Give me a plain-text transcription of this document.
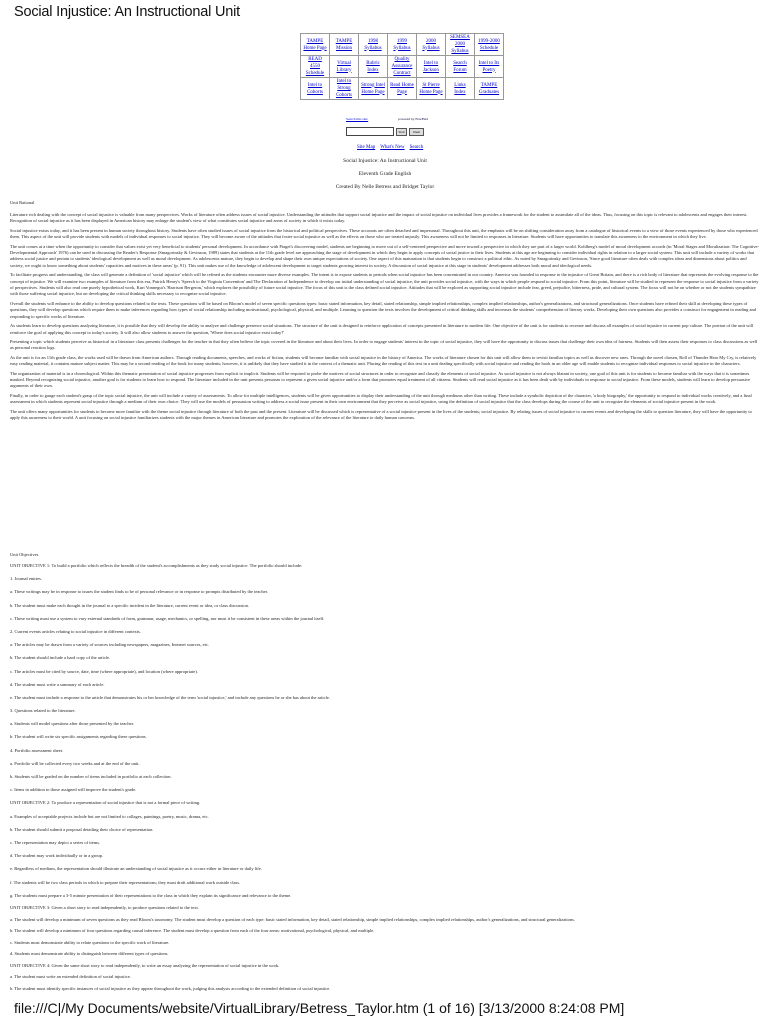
Social Injustice: An Instructional Unit
TAMPE Home Page	TAMPE Mission	1998 Syllabus	1999 Syllabus	2000 Syllabus	SEMSEA 2000 Syllabus	1999-2000 Schedule
READ 4550 Schedule	Virtual Library	Rubric Index	Quality Assurance Contract	Intel to Jackson	Search Forum	Intel to Its Poetry
Intel to Cohorts	Intel to Strong Cohorts	Strong Intel Home Page	Read Home Page	St Pierre Home Page	Links Index	TAMPE Graduates
Search this site:	powered by FreeFind
Find	Clear
Site Map What's New Search
Social Injustice: An Instructional Unit
Eleventh Grade English
Created By Nelle Betress and Bridget Taylor
Unit Rational

Literature rich dealing with the concept of social injustice is valuable from many perspectives. Works of literature often address issues of social injustice. Understanding the attitudes that support social injustice and the impact of social injustice on individual lives provides a framework for the student to assimilate all of the ideas. Thus, focusing on this topic is relevant to adolescents and engages their interest. Recognition of social injustice as it has been displayed in American history may enlarge the student's view of what constitutes social injustice and areas of society in which it exists today.

Social injustice exists today, and it has been present in human society throughout history. Students have often studied issues of social injustice from the historical and political perspectives. These accounts are often detached and impersonal. Throughout this unit, the emphasis will be on shifting consideration away from a catalogue of historical events to a view of those events experienced by those who experienced them. This aspect of the unit will provide students with models of individual responses to social injustice. They will become aware of the attitudes that foster social injustice as well as the effects on those who are treated unjustly. This awareness will not be limited to responses in literature. Students will have opportunities to translate this awareness to the environment in which they live.

The unit comes at a time when the opportunity to consider that values exist yet very beneficial to students' personal development. In accordance with Piaget's discovering model, students are beginning to move out of a self-centered perspective and move toward a perspective in which they are part of a larger world. Kohlberg's model of moral development accords (in 'Moral Stages and Moralization: The Cognitive-Developmental Approach' 1976) can be used in discussing the Reader's Response (Smagorinsky & Gevinson, 1989) states that students at the 11th grade level are approaching the stage of development in which they begin to apply concepts of social justice to their lives. Students at this age are beginning to consider individual rights in relation to a larger social system. This unit will include a variety of works that address social justice and pertain to students' ideological development as well as moral development. As adolescents mature, they begin to develop and shape their own unique expectations of society. One aspect of this maturation is that students begin to construct a political ethic. As noted by Smagorinsky and Gevinson, 'Since good literature often deals with complex ideas and dimensions about politics and society, we ought to know something about students' capacities and motives in these areas' (p. 91). This unit makes use of the knowledge of adolescent development to target students growing interest in society. A discussion of social injustice at this stage in students' development addresses both moral and ideological needs.

To facilitate progress and understanding, the class will generate a definition of 'social injustice' which will be refined as the students encounter more diverse examples. The intent is to expose students to periods when social injustice has been concentrated in our country. America was founded in response to the injustice of Great Britain, and there is a rich body of literature that represents the evolving response to the concept of injustice. We will examine two examples of literature from this era, Patrick Henry's 'Speech to the Virginia Convention' and The Declaration of Independence to develop our initial understanding of social injustice, the unit provides social injustice, with the ways in which people respond to social injustice. From this point, literature will be studied to represent the response to social injustice from a variety of perspectives. Students will also read one purely hypothetical work, Kurt Vonnegut's 'Harrison Bergeron,' which explores the possibility of future social injustice. The focus of this unit is the class defined social injustice. Attitudes that will be explored as supporting social injustice include fear, greed, prejudice, bitterness, pride, and cultural system. The focus will not be on whether or not the students sympathize with those suffering social injustice, but on developing the critical thinking skills necessary to recognize social injustice.

Overall the students will enhance to the ability to develop questions related to the texts. These questions will be based on Bloom's model of seven specific questions types: basic stated information, key detail, stated relationship, simple implied relationships, complex implied relationships, author's generalizations, and structural generalizations. Once students have refined their skill at developing these types of questions, they will develop questions which require them to make inferences regarding how types of social relationship including motivational, psychological, physical, and multiple. Learning to question the texts involves the development of critical thinking skills and increases the students' comprehension of literary works. Developing their own questions also provides a construct for engagement in reading and responding to specific works of literature.

As students learn to develop questions analyzing literature, it is possible that they will develop the ability to analyze and challenge presence social situations. The structure of the unit is designed to reinforce application of concepts presented in literature to modern life. One objective of the unit is for students to recreate and discuss all examples of social injustice in current pop culture. The portion of the unit will reinforce the goal of applying this concept to today's society. It will also allow students to answer the question, 'Where does social injustice exist today?'

Presenting a topic which students perceive as historical in a literature class presents challenges for the teacher in that they often believe the topic covered in the literature and about their lives. In order to engage students' interest in the topic of social injustice, they will have the opportunity to discuss issues that challenge their own idea of fairness. Students will then assess their responses to class discussions as well as personal reaction logs.

As the unit is for an 11th grade class, the works used will be drawn from American authors. Through reading documents, speeches, and works of fiction, students will become familiar with social injustice in the history of America. The works of literature chosen for this unit will allow them to revisit familiar topics as well as discover new ones. Through the novel chosen, Roll of Thunder Hear My Cry, is relatively easy reading material, it contains mature subject matter. This may be a second reading of the book for many students; however, it is unlikely that they have studied it in the context of a thematic unit. Placing the reading of this text in a unit dealing specifically with social injustice and reading the book in an older age will enable students to recognize individual responses to social injustice in the characters.

The organization of material is in a chronological. Within this thematic presentation of social injustice progresses from explicit to implicit. Students will be required to probe the motives of social structures in order to recognize and classify the elements of social injustice. As social injustice is not always blatant in society, one goal of this unit is for students to become familiar with the ways that it is sometimes masked. Beyond recognizing social injustice, another goal is for students to learn how to respond. The literature included in the unit presents personas to represent a given social injustice and/or a form that promotes equal treatment of all citizens. Students will read social injustice as it has been dealt with by individuals in response to social injustice. From these models, students will learn to develop persuasive arguments of their own.

Finally, in order to gauge each student's grasp of the topic social injustice, the unit will include a variety of assessments. To allow for multiple intelligences, students will be given opportunities to display their understanding of the unit through mediums other than writing. These include a symbolic depiction of the character, 'a body biography,' the opportunity to respond to individual works creatively, and a final assessment in which students represent social injustice through a medium of their own choice. They will use the models of persuasion writing to address a social issue present in their own environment that they perceive as social injustice, using the definition of social injustice that the class develops during the course of the unit to recognize the elements of social injustice present in the work.

The unit offers many opportunities for students to become more familiar with the theme social injustice through literature of both the past and the present. Literature will be discussed which is representative of a social injustice present in the lives of the students; social injustice. By relating issues of social injustice to current events and developing the skills to question literature, they will have the opportunity to apply this awareness to their world. A unit focusing on social injustice familiarizes students with the major themes in American literature and promotes the exploration of the relevance of the literature to daily human concerns.

Unit Objectives
UNIT OBJECTIVE 1: To build a portfolio which reflects the breadth of the student's accomplishments as they study social injustice. The portfolio should include:
1. Journal entries.
a. These writings may be in response to issues the student finds to be of personal relevance or in response to prompts distributed by the teacher.
b. The student must make each thought in the journal to a specific incident in the literature, current event or idea, or class discussion.
c. These writing must use a system to vary external standards of form, grammar, usage, mechanics, or spelling, nor must it be consistent in these areas within the journal itself.
2. Current events articles relating to social injustice in different contexts.
a. The articles may be drawn from a variety of sources including newspapers, magazines, Internet sources, etc.
b. The student should include a hard copy of the article.
c. The articles must be cited by source, date, time (where appropriate), and location (where appropriate).
d. The student must write a summary of each article.
e. The student must include a response to the article that demonstrates his or her knowledge of the term 'social injustice,' and include any questions he or she has about the article.
3. Questions related to the literature.
a. Students will model questions after those presented by the teacher.
b. The student will write six specific assignments regarding these questions.
4. Portfolio assessment sheet.
a. Portfolio will be collected every two weeks and at the end of the unit.
b. Students will be graded on the number of items included in portfolio at each collection.
c. Items in addition to those assigned will improve the student's grade.
UNIT OBJECTIVE 2: To produce a representation of social injustice that is not a formal piece of writing.
a. Examples of acceptable projects include but are not limited to collages, paintings, poetry, music, drama, etc.
b. The student should submit a proposal detailing their choice of representation.
c. The representation may depict a series of items.
d. The student may work individually or in a group.
e. Regardless of medium, the representation should illustrate an understanding of social injustice as it occurs either in literature or daily life.
f. The students will be two class periods in which to prepare their representations; they must draft additional work outside class.
g. The students must prepare a 3-5 minute presentation of their representations to the class in which they explain its significance and relevance to the theme.
UNIT OBJECTIVE 3: Given a short story to read independently, to produce questions related to the text.
a. The student will develop a minimum of seven questions as they read Bloom's taxonomy. The student must develop a question of each type: basic stated information, key detail, stated relationship, simple implied relationships, complex implied relationships, author's generalizations, and structural generalizations.
b. The student will develop a minimum of four questions regarding causal inference. The student must develop a question from each of the four areas: motivational, psychological, physical, and multiple.
c. Students must demonstrate ability to relate questions to the specific work of literature.
d. Students must demonstrate ability to distinguish between different types of questions.
UNIT OBJECTIVE 4: Given the same short story to read independently, to write an essay analyzing the representation of social injustice in the work.
a. The student must write an extended definition of social injustice.
b. The student must identify specific instances of social injustice as they appear throughout the work, judging this analysis according to the extended definition of social injustice.
file:///C|/My Documents/website/VirtualLibrary/Betress_Taylor.htm (1 of 16) [3/13/2000 8:24:08 PM]
